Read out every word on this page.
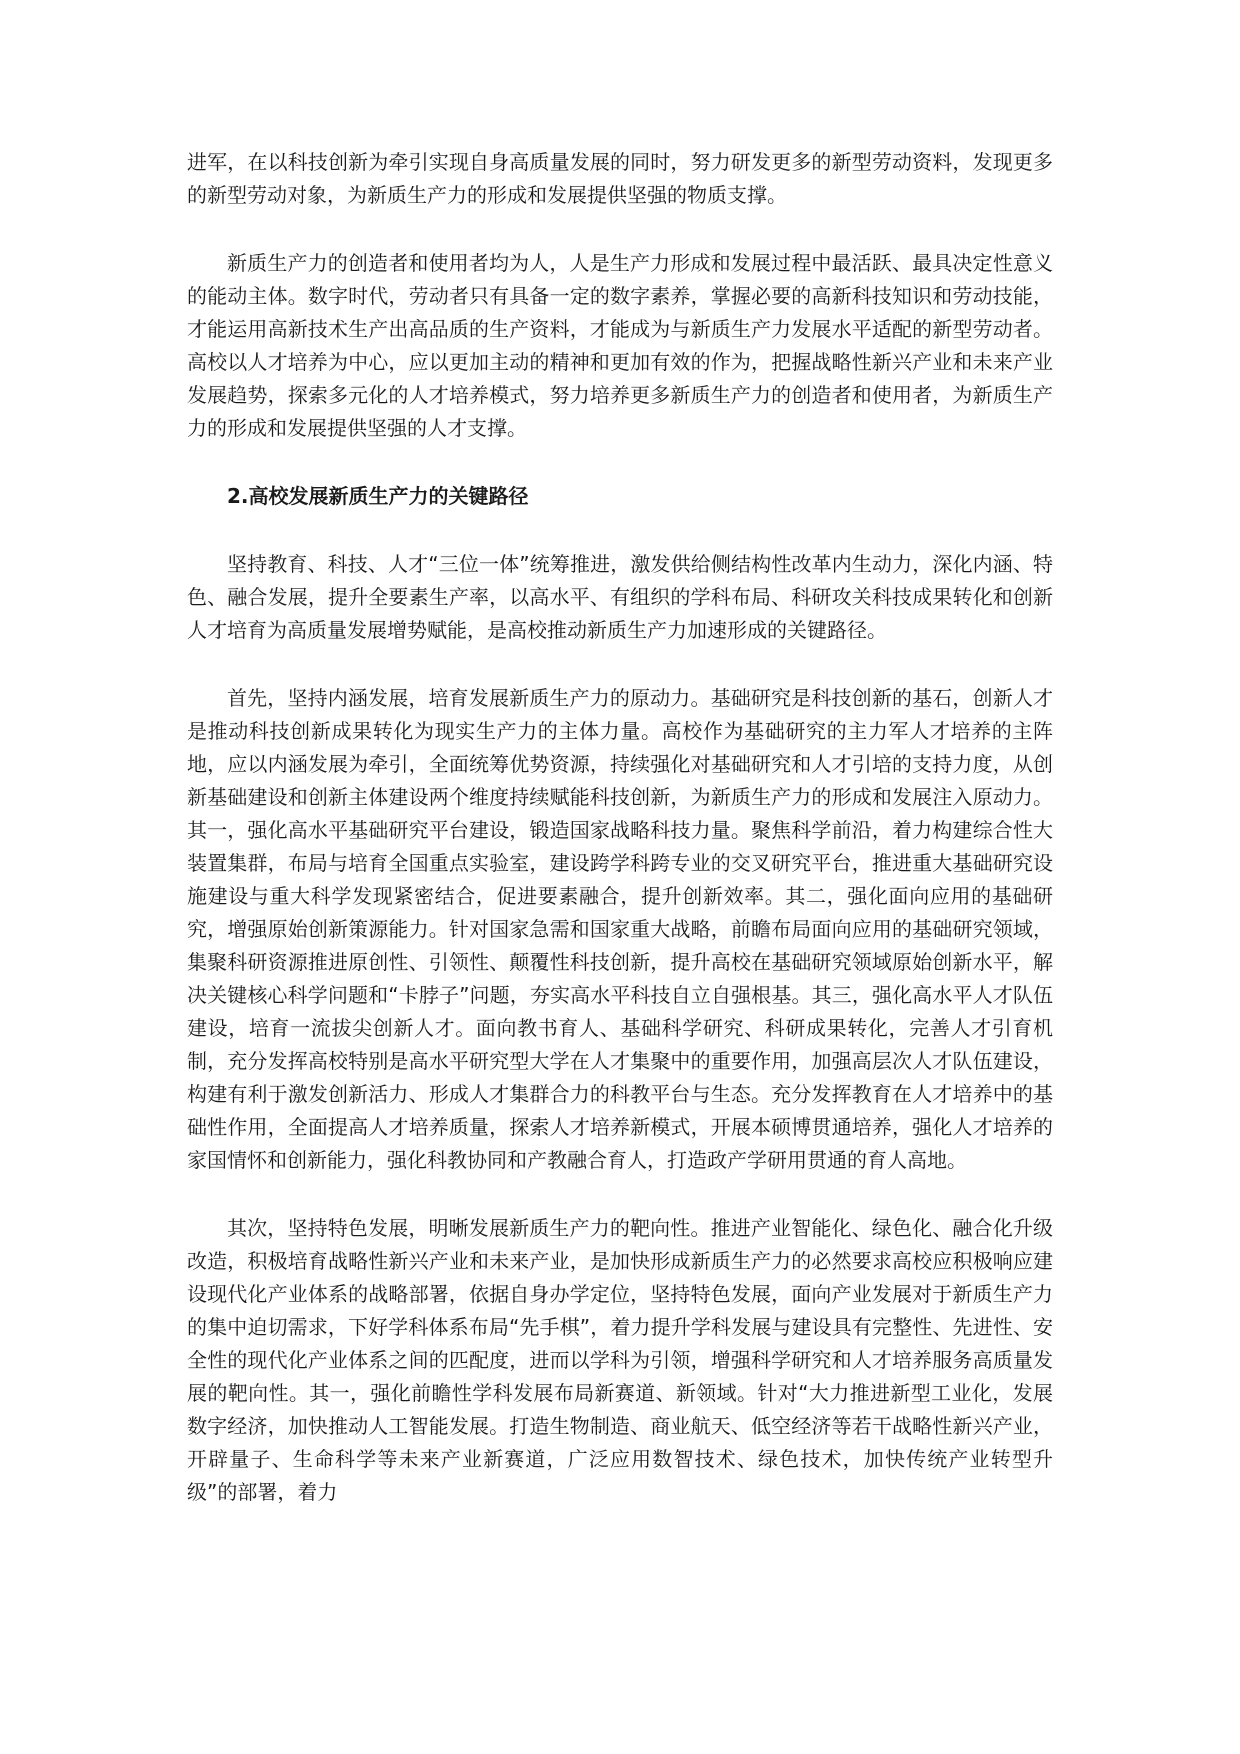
进军，在以科技创新为牵引实现自身高质量发展的同时，努力研发更多的新型劳动资料，发现更多的新型劳动对象，为新质生产力的形成和发展提供坚强的物质支撑。

新质生产力的创造者和使用者均为人，人是生产力形成和发展过程中最活跃、最具决定性意义的能动主体。数字时代，劳动者只有具备一定的数字素养，掌握必要的高新科技知识和劳动技能，才能运用高新技术生产出高品质的生产资料，才能成为与新质生产力发展水平适配的新型劳动者。高校以人才培养为中心，应以更加主动的精神和更加有效的作为，把握战略性新兴产业和未来产业发展趋势，探索多元化的人才培养模式，努力培养更多新质生产力的创造者和使用者，为新质生产力的形成和发展提供坚强的人才支撑。

2.高校发展新质生产力的关键路径

坚持教育、科技、人才“三位一体”统筹推进，激发供给侧结构性改革内生动力，深化内涵、特色、融合发展，提升全要素生产率，以高水平、有组织的学科布局、科研攻关科技成果转化和创新人才培育为高质量发展增势赋能，是高校推动新质生产力加速形成的关键路径。

首先，坚持内涵发展，培育发展新质生产力的原动力。基础研究是科技创新的基石，创新人才是推动科技创新成果转化为现实生产力的主体力量。高校作为基础研究的主力军人才培养的主阵地，应以内涵发展为牵引，全面统筹优势资源，持续强化对基础研究和人才引培的支持力度，从创新基础建设和创新主体建设两个维度持续赋能科技创新，为新质生产力的形成和发展注入原动力。其一，强化高水平基础研究平台建设，锻造国家战略科技力量。聚焦科学前沿，着力构建综合性大装置集群，布局与培育全国重点实验室，建设跨学科跨专业的交叉研究平台，推进重大基础研究设施建设与重大科学发现紧密结合，促进要素融合，提升创新效率。其二，强化面向应用的基础研究，增强原始创新策源能力。针对国家急需和国家重大战略，前瞻布局面向应用的基础研究领域，集聚科研资源推进原创性、引领性、颠覆性科技创新，提升高校在基础研究领域原始创新水平，解决关键核心科学问题和“卡脖子”问题，夯实高水平科技自立自强根基。其三，强化高水平人才队伍建设，培育一流拔尖创新人才。面向教书育人、基础科学研究、科研成果转化，完善人才引育机制，充分发挥高校特别是高水平研究型大学在人才集聚中的重要作用，加强高层次人才队伍建设，构建有利于激发创新活力、形成人才集群合力的科教平台与生态。充分发挥教育在人才培养中的基础性作用，全面提高人才培养质量，探索人才培养新模式，开展本硕博贯通培养，强化人才培养的家国情怀和创新能力，强化科教协同和产教融合育人，打造政产学研用贯通的育人高地。

其次，坚持特色发展，明晰发展新质生产力的靶向性。推进产业智能化、绿色化、融合化升级改造，积极培育战略性新兴产业和未来产业，是加快形成新质生产力的必然要求高校应积极响应建设现代化产业体系的战略部署，依据自身办学定位，坚持特色发展，面向产业发展对于新质生产力的集中迫切需求，下好学科体系布局“先手棋”，着力提升学科发展与建设具有完整性、先进性、安全性的现代化产业体系之间的匹配度，进而以学科为引领，增强科学研究和人才培养服务高质量发展的靶向性。其一，强化前瞻性学科发展布局新赛道、新领域。针对“大力推进新型工业化，发展数字经济，加快推动人工智能发展。打造生物制造、商业航天、低空经济等若干战略性新兴产业，开辟量子、生命科学等未来产业新赛道，广泛应用数智技术、绿色技术，加快传统产业转型升级”的部署，着力
